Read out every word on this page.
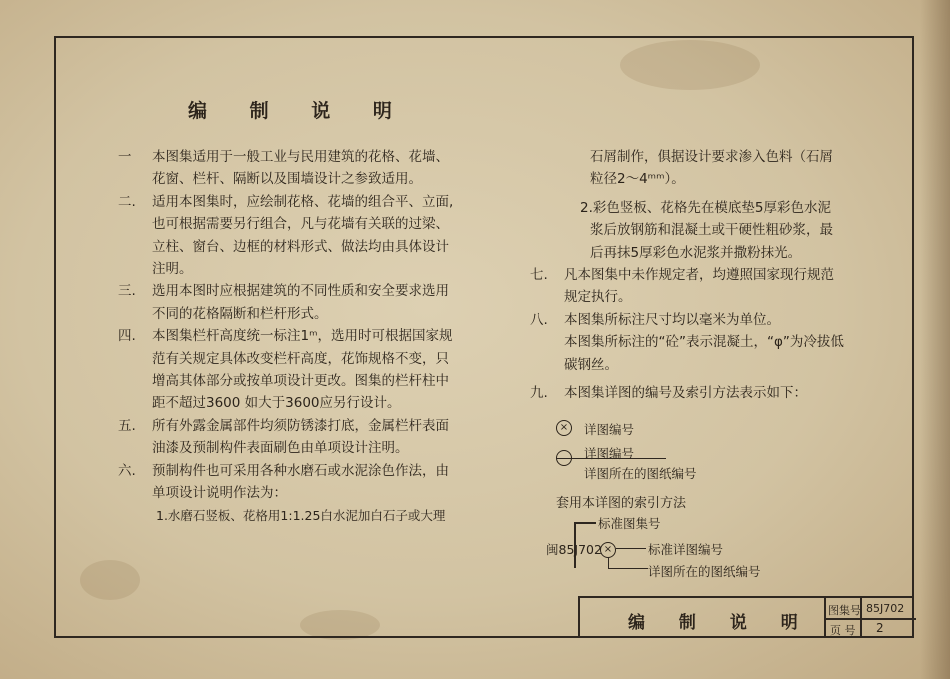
编 制 说 明
一 本图集适用于一般工业与民用建筑的花格、花墙、
花窗、栏杆、隔断以及围墙设计之参致适用。
二. 适用本图集时，应绘制花格、花墙的组合平、立面,
也可根据需要另行组合，凡与花墙有关联的过梁、
立柱、窗台、边框的材料形式、做法均由具体设计
注明。
三. 选用本图时应根据建筑的不同性质和安全要求选用
不同的花格隔断和栏杆形式。
四. 本图集栏杆高度统一标注1ᵐ，选用时可根据国家规
范有关规定具体改变栏杆高度，花饰规格不变，只
增高其体部分或按单项设计更改。图集的栏杆柱中
距不超过3600 如大于3600应另行设计。
五. 所有外露金属部件均须防锈漆打底，金属栏杆表面
油漆及预制构件表面刷色由单项设计注明。
六. 预制构件也可采用各种水磨石或水泥涂色作法，由
单项设计说明作法为：
1.水磨石竖板、花格用1:1.25白水泥加白石子或大理
石屑制作，俱据设计要求渗入色料（石屑
粒径2～4ᵐᵐ）。
2.彩色竖板、花格先在模底垫5厚彩色水泥
浆后放钢筋和混凝土或干硬性粗砂浆，最
后再抹5厚彩色水泥浆并撒粉抹光。
七. 凡本图集中未作规定者，均遵照国家现行规范
规定执行。
八. 本图集所标注尺寸均以毫米为单位。
本图集所标注的“砼”表示混凝土，“φ”为冷拔低
碳钢丝。
九. 本图集详图的编号及索引方法表示如下：
×	详图编号
详图编号
详图所在的图纸编号
套用本详图的索引方法
标准图集号
闽85J702 ×	标准详图编号
详图所在的图纸编号
编 制 说 明
图集号 85J702
页 号 2
